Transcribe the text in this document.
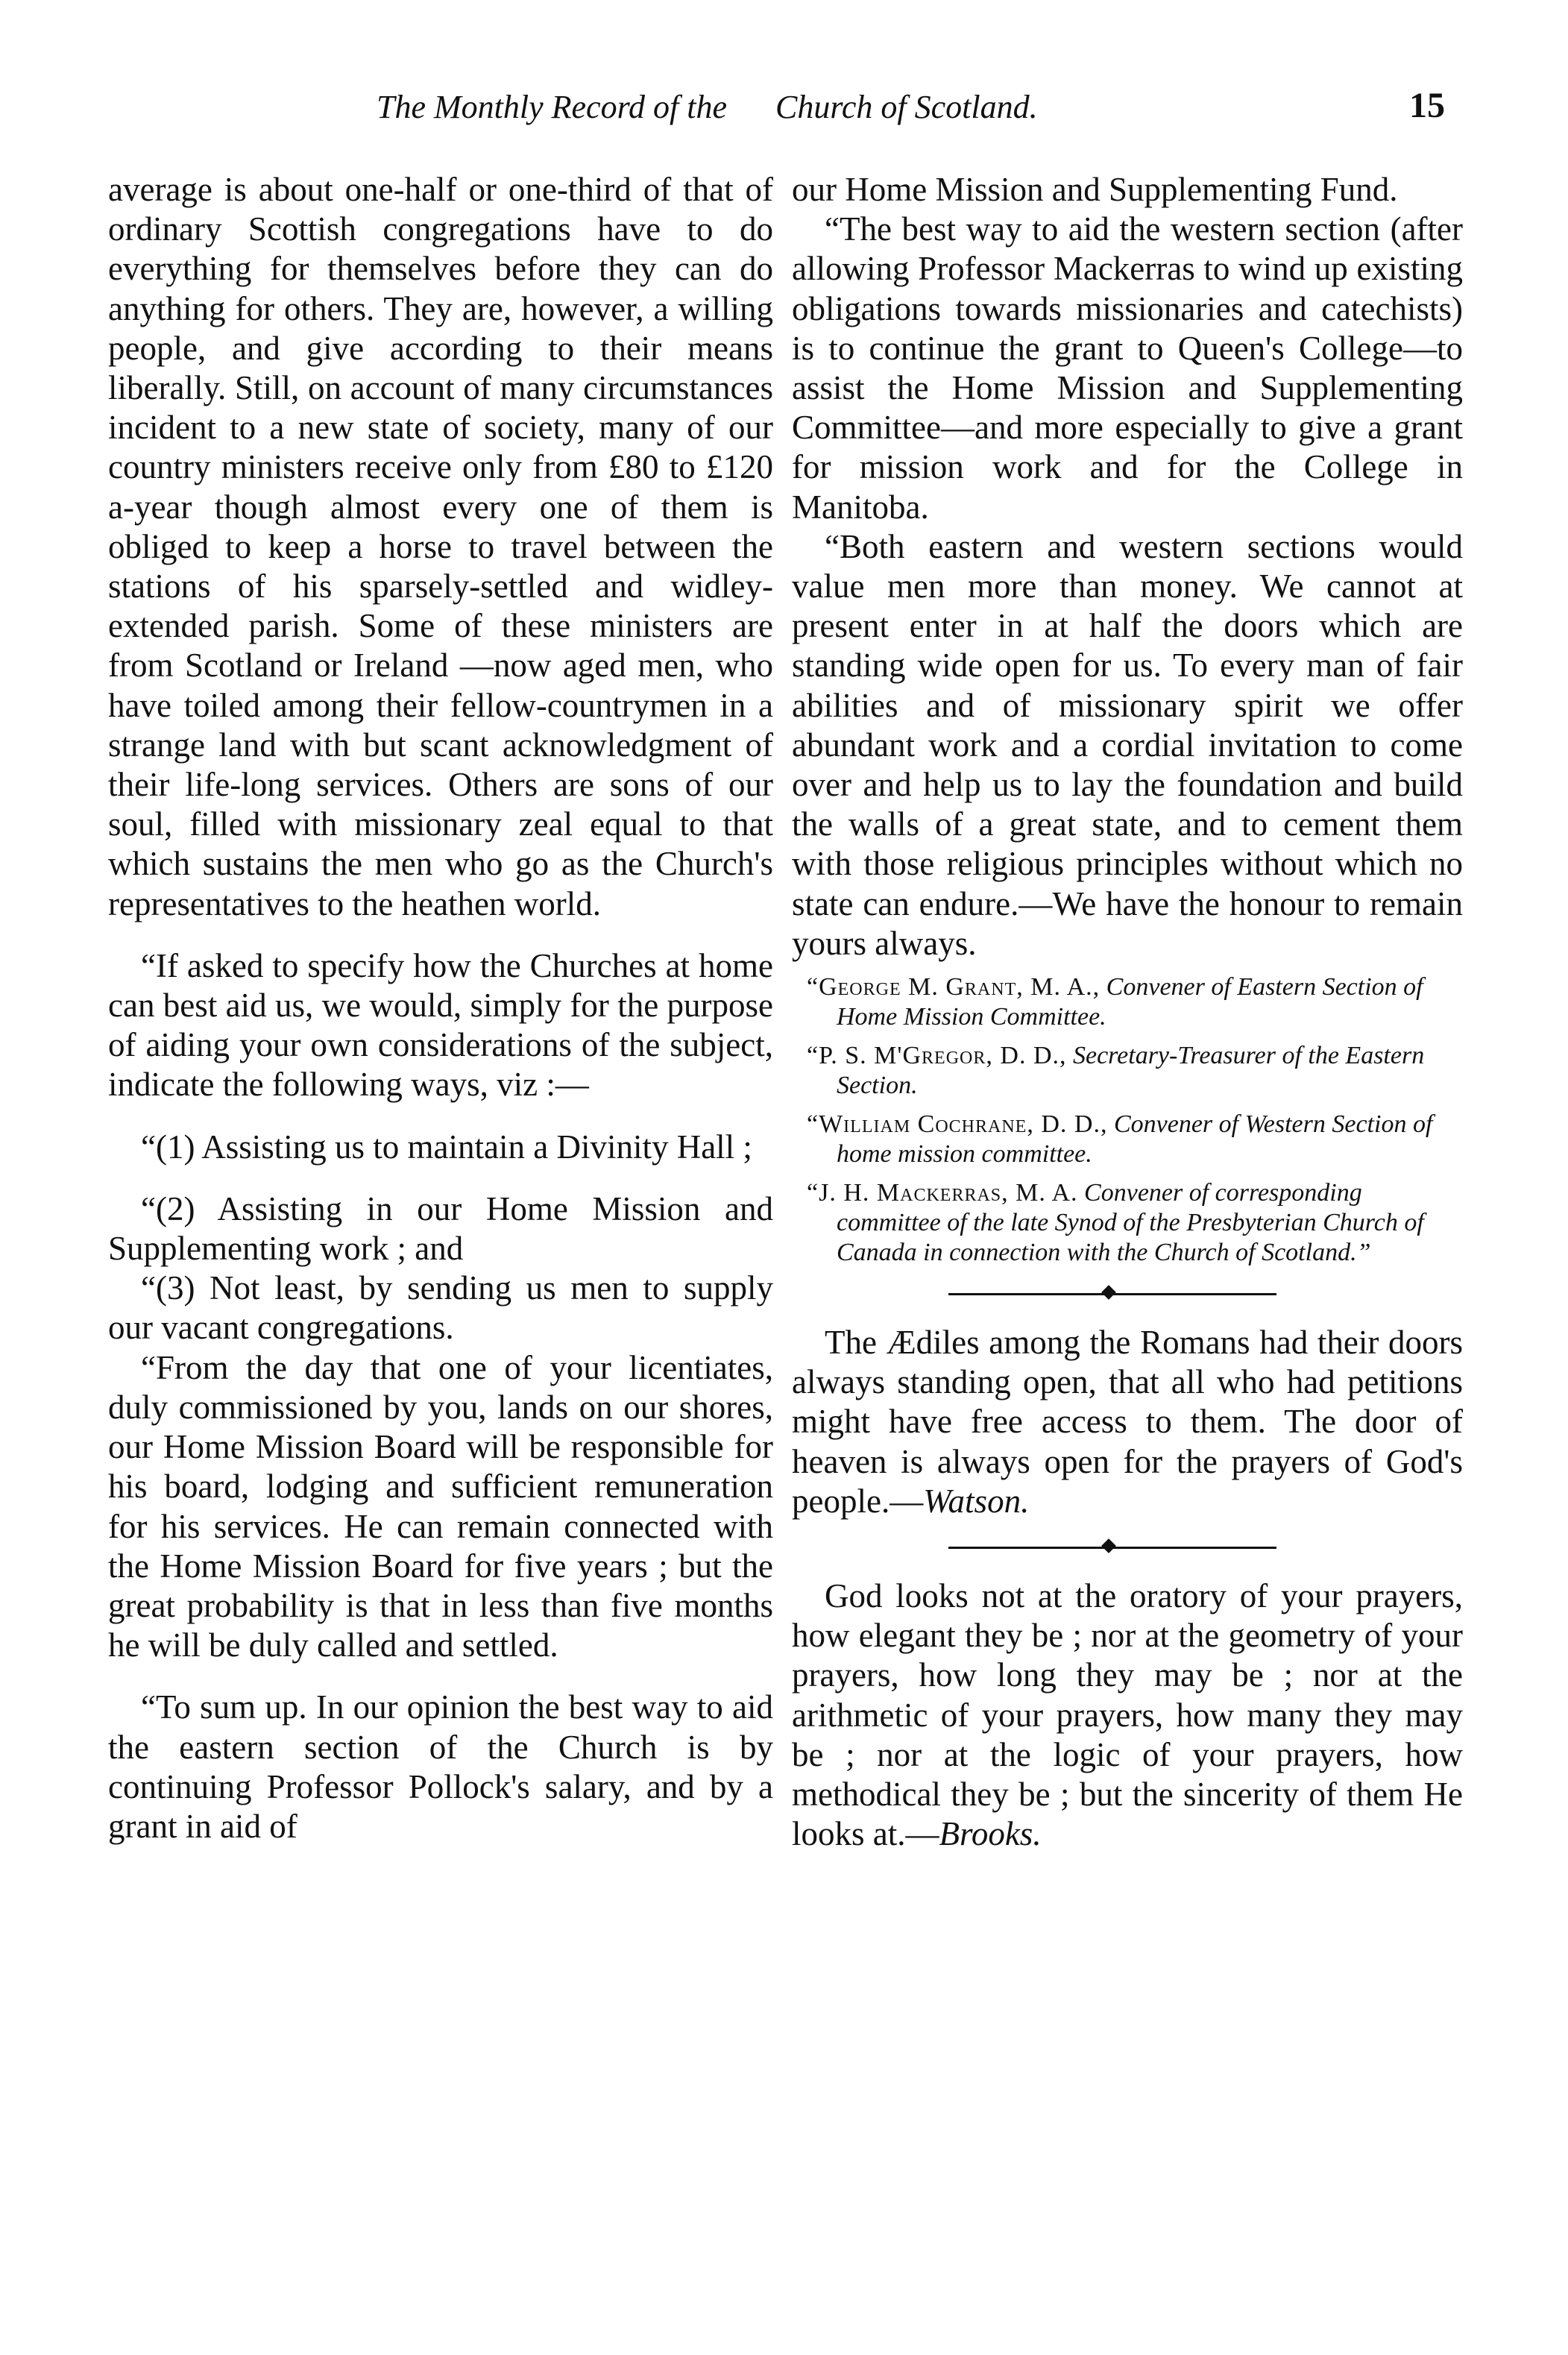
The Monthly Record of the Church of Scotland.	15

average is about one-half or one-third of that of ordinary Scottish congregations have to do everything for themselves before they can do anything for others. They are, however, a willing people, and give according to their means liberally. Still, on account of many circumstances incident to a new state of society, many of our country ministers receive only from £80 to £120 a-year though almost every one of them is obliged to keep a horse to travel between the stations of his sparsely-settled and widley-extended parish. Some of these ministers are from Scotland or Ireland —now aged men, who have toiled among their fellow-countrymen in a strange land with but scant acknowledgment of their life-long services. Others are sons of our soul, filled with missionary zeal equal to that which sustains the men who go as the Church's representatives to the heathen world.

“If asked to specify how the Churches at home can best aid us, we would, simply for the purpose of aiding your own considerations of the subject, indicate the following ways, viz :—

“(1) Assisting us to maintain a Divinity Hall ;

“(2) Assisting in our Home Mission and Supplementing work ; and

“(3) Not least, by sending us men to supply our vacant congregations.

“From the day that one of your licentiates, duly commissioned by you, lands on our shores, our Home Mission Board will be responsible for his board, lodging and sufficient remuneration for his services. He can remain connected with the Home Mission Board for five years ; but the great probability is that in less than five months he will be duly called and settled.

“To sum up. In our opinion the best way to aid the eastern section of the Church is by continuing Professor Pollock's salary, and by a grant in aid of

our Home Mission and Supplementing Fund.

“The best way to aid the western section (after allowing Professor Mackerras to wind up existing obligations towards missionaries and catechists) is to continue the grant to Queen's College—to assist the Home Mission and Supplementing Committee—and more especially to give a grant for mission work and for the College in Manitoba.

“Both eastern and western sections would value men more than money. We cannot at present enter in at half the doors which are standing wide open for us. To every man of fair abilities and of missionary spirit we offer abundant work and a cordial invitation to come over and help us to lay the foundation and build the walls of a great state, and to cement them with those religious principles without which no state can endure.—We have the honour to remain yours always.

“George M. Grant, M. A., Convener of Eastern Section of Home Mission Committee.

“P. S. M'Gregor, D. D., Secretary-Treasurer of the Eastern Section.

“William Cochrane, D. D., Convener of Western Section of home mission committee.

“J. H. Mackerras, M. A. Convener of corresponding committee of the late Synod of the Presbyterian Church of Canada in connection with the Church of Scotland.”

The Ædiles among the Romans had their doors always standing open, that all who had petitions might have free access to them. The door of heaven is always open for the prayers of God's people.—Watson.

God looks not at the oratory of your prayers, how elegant they be ; nor at the geometry of your prayers, how long they may be ; nor at the arithmetic of your prayers, how many they may be ; nor at the logic of your prayers, how methodical they be ; but the sincerity of them He looks at.—Brooks.
